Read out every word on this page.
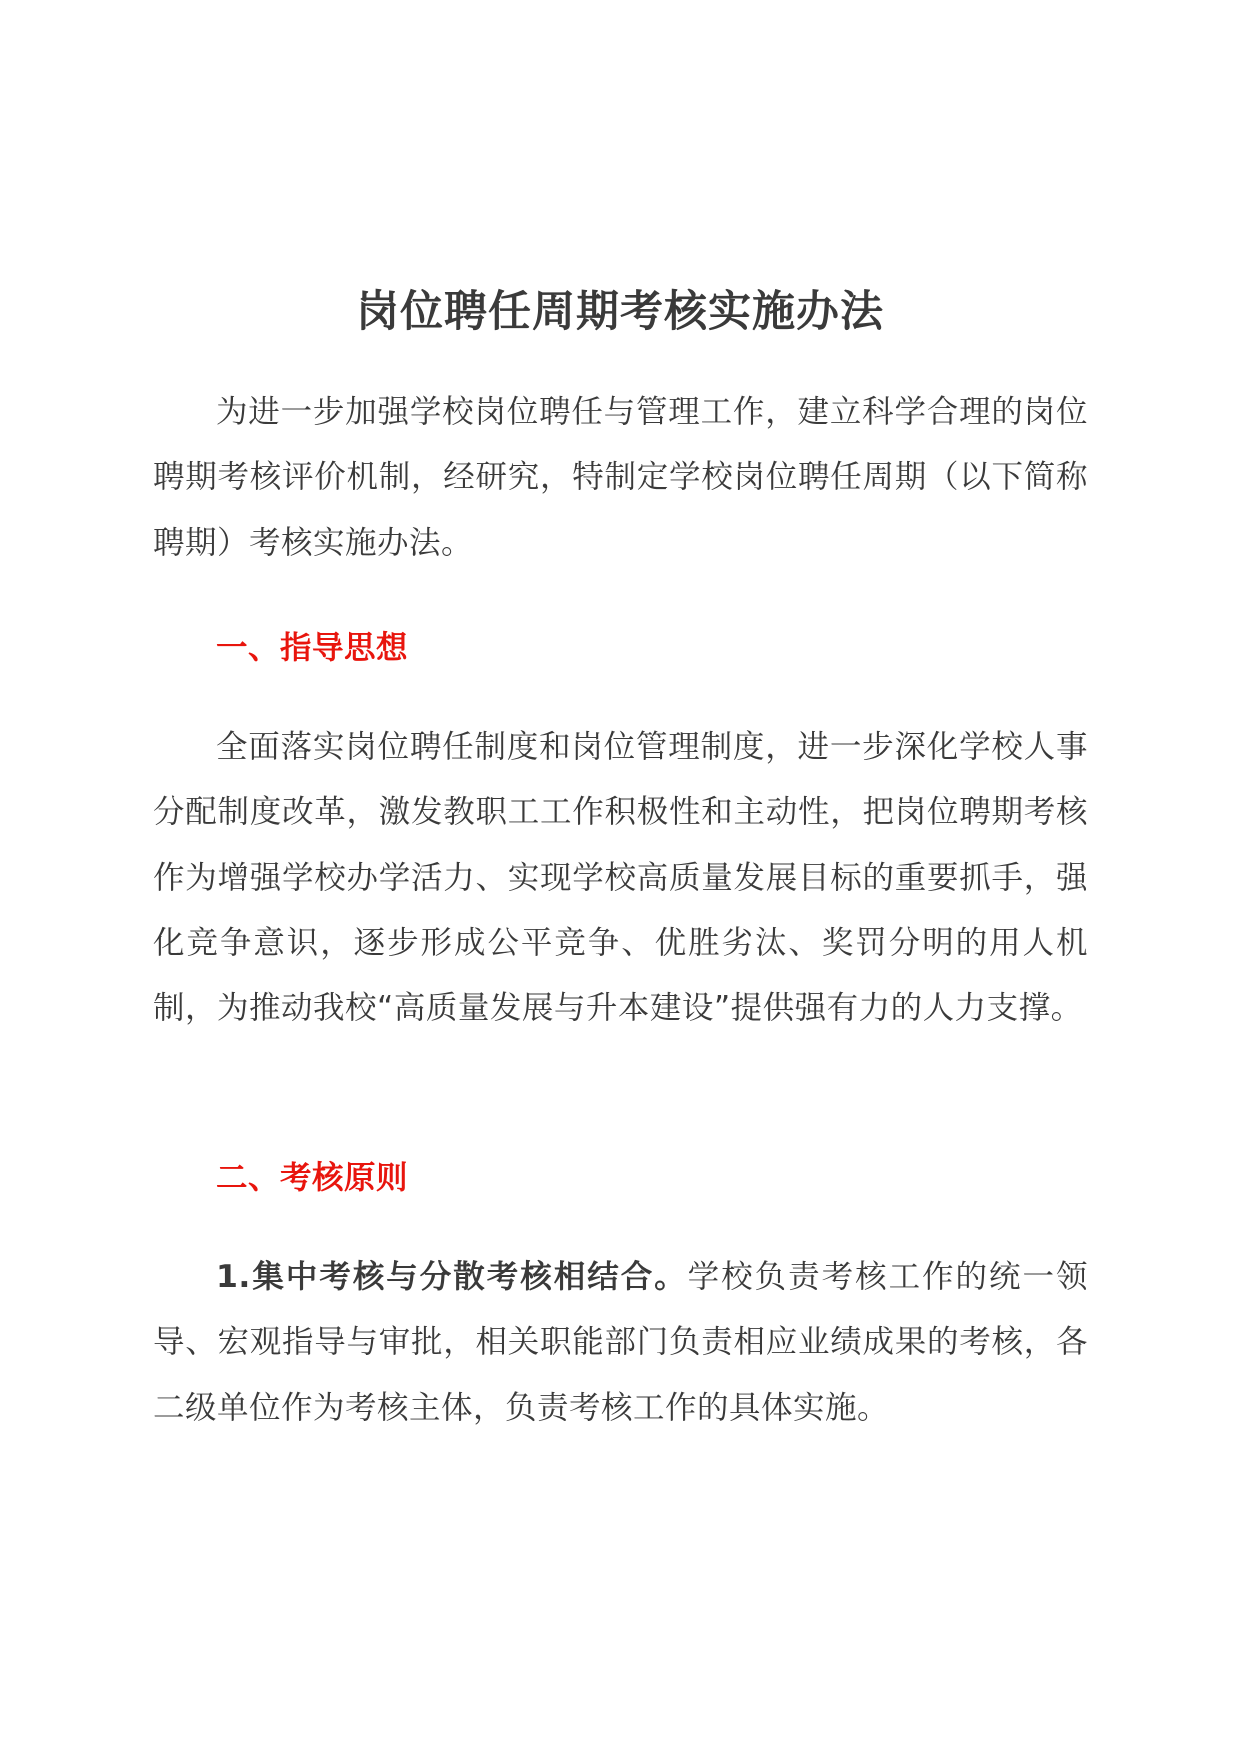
岗位聘任周期考核实施办法

为进一步加强学校岗位聘任与管理工作，建立科学合理的岗位聘期考核评价机制，经研究，特制定学校岗位聘任周期（以下简称聘期）考核实施办法。

一、指导思想

全面落实岗位聘任制度和岗位管理制度，进一步深化学校人事分配制度改革，激发教职工工作积极性和主动性，把岗位聘期考核作为增强学校办学活力、实现学校高质量发展目标的重要抓手，强化竞争意识，逐步形成公平竞争、优胜劣汰、奖罚分明的用人机制，为推动我校“高质量发展与升本建设”提供强有力的人力支撑。

二、考核原则

1.集中考核与分散考核相结合。学校负责考核工作的统一领导、宏观指导与审批，相关职能部门负责相应业绩成果的考核，各二级单位作为考核主体，负责考核工作的具体实施。
